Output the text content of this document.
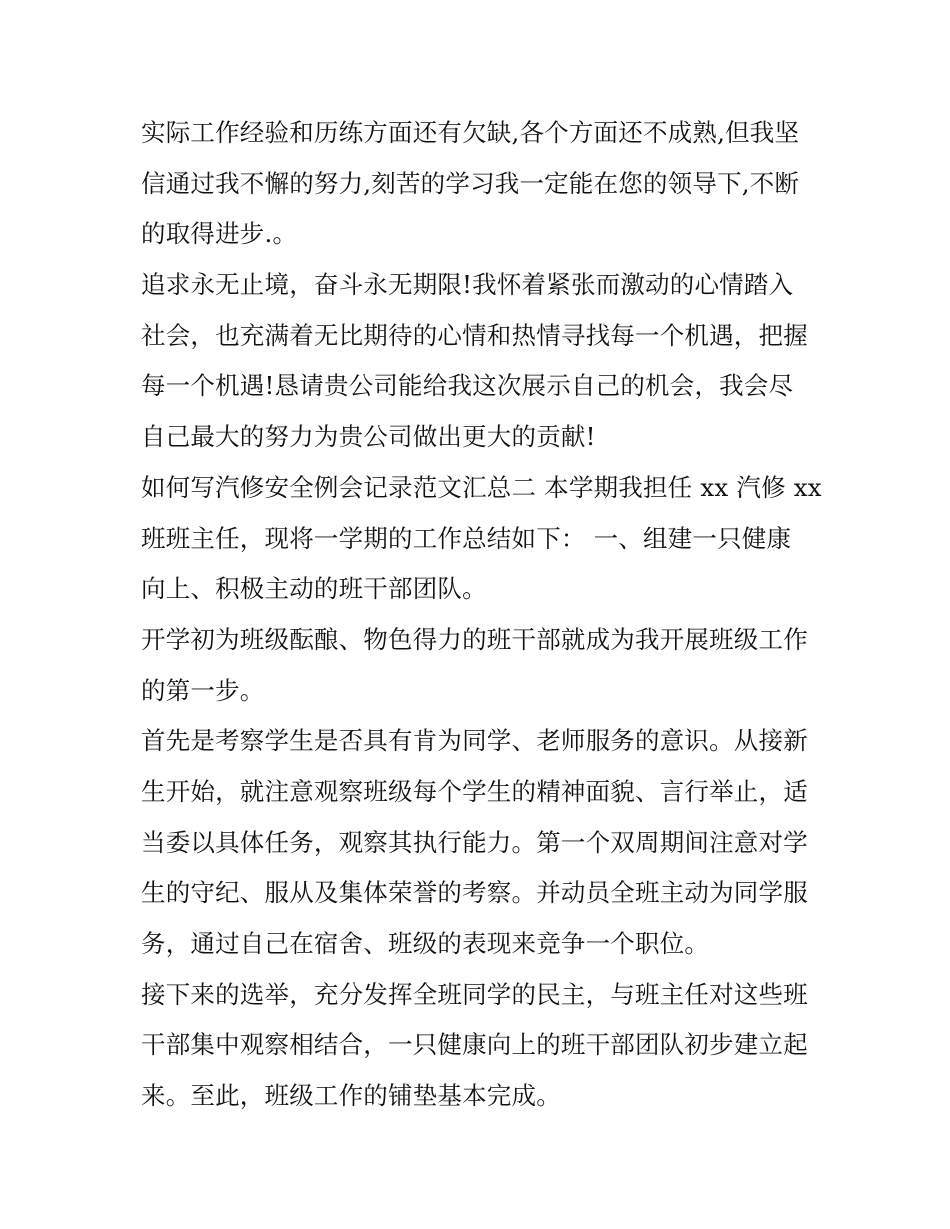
实际工作经验和历练方面还有欠缺,各个方面还不成熟,但我坚
信通过我不懈的努力,刻苦的学习我一定能在您的领导下,不断
的取得进步.。

追求永无止境，奋斗永无期限!我怀着紧张而激动的心情踏入
社会，也充满着无比期待的心情和热情寻找每一个机遇，把握
每一个机遇!恳请贵公司能给我这次展示自己的机会，我会尽
自己最大的努力为贵公司做出更大的贡献!

如何写汽修安全例会记录范文汇总二 本学期我担任 xx 汽修 xx
班班主任，现将一学期的工作总结如下： 一、组建一只健康
向上、积极主动的班干部团队。

开学初为班级酝酿、物色得力的班干部就成为我开展班级工作
的第一步。

首先是考察学生是否具有肯为同学、老师服务的意识。从接新
生开始，就注意观察班级每个学生的精神面貌、言行举止，适
当委以具体任务，观察其执行能力。第一个双周期间注意对学
生的守纪、服从及集体荣誉的考察。并动员全班主动为同学服
务，通过自己在宿舍、班级的表现来竞争一个职位。

接下来的选举，充分发挥全班同学的民主，与班主任对这些班
干部集中观察相结合，一只健康向上的班干部团队初步建立起
来。至此，班级工作的铺垫基本完成。
